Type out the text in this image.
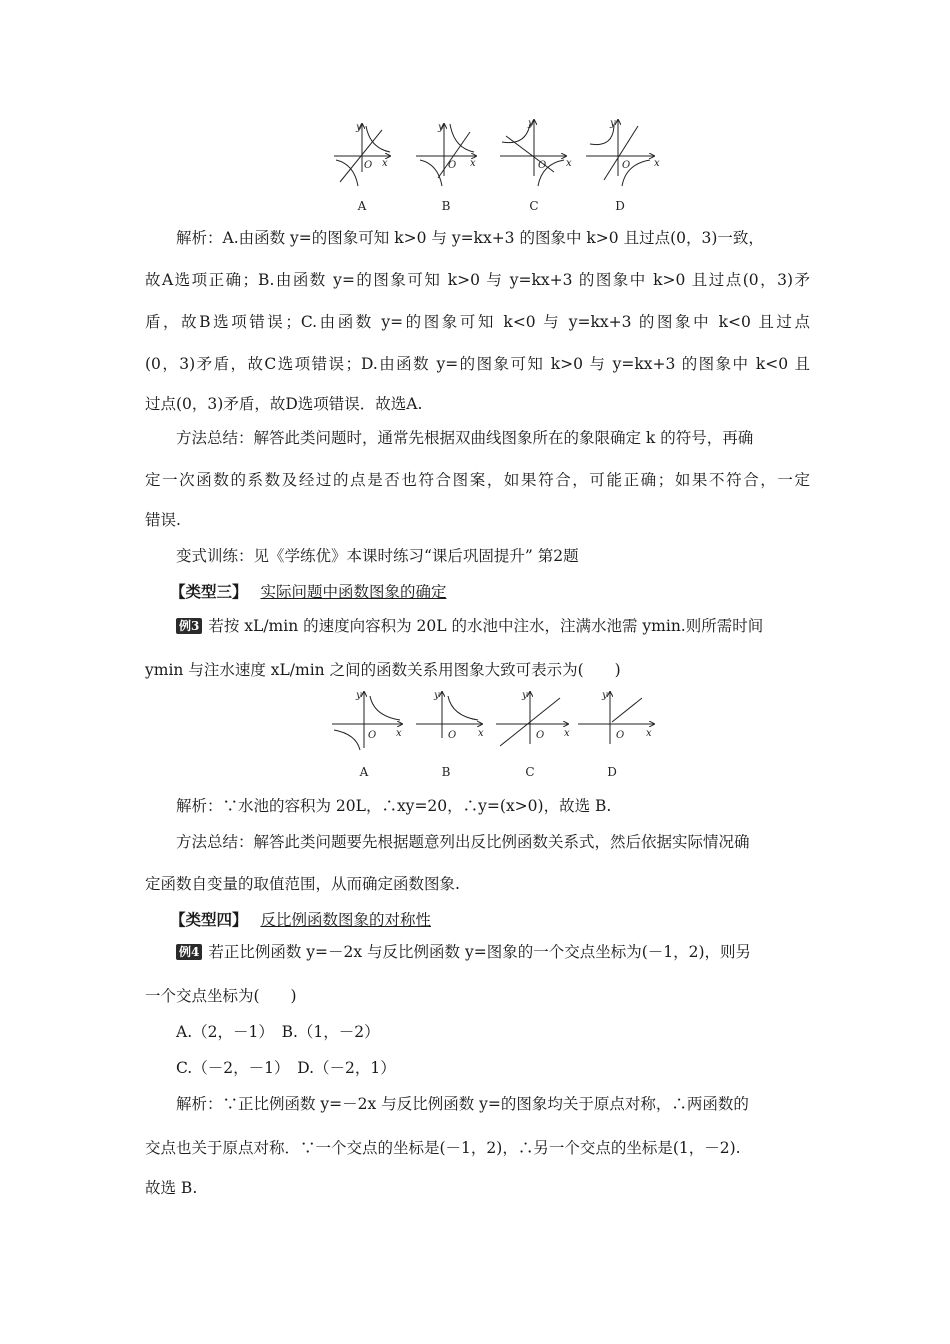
y
x
O
y
x
O
y
x
O
y
x
O
A	B	C	D
解析：A.由函数 y=的图象可知 k>0 与 y=kx+3 的图象中 k>0 且过点(0，3)一致，
故A选项正确；B.由函数 y=的图象可知 k>0 与 y=kx+3 的图象中 k>0 且过点(0，3)矛
盾，故B选项错误；C.由函数 y=的图象可知 k<0 与 y=kx+3 的图象中 k<0 且过点
(0，3)矛盾，故C选项错误；D.由函数 y=的图象可知 k>0 与 y=kx+3 的图象中 k<0 且
过点(0，3)矛盾，故D选项错误．故选A.
方法总结：解答此类问题时，通常先根据双曲线图象所在的象限确定 k 的符号，再确
定一次函数的系数及经过的点是否也符合图案，如果符合，可能正确；如果不符合，一定
错误.
变式训练：见《学练优》本课时练习“课后巩固提升” 第2题
【类型三】 实际问题中函数图象的确定
例3 若按 xL/min 的速度向容积为 20L 的水池中注水，注满水池需 ymin.则所需时间
ymin 与注水速度 xL/min 之间的函数关系用图象大致可表示为(　　)
y
x
O
y
x
O
y
x
O
y
x
O
A	B	C	D
解析：∵水池的容积为 20L，∴xy=20，∴y=(x>0)，故选 B.
方法总结：解答此类问题要先根据题意列出反比例函数关系式，然后依据实际情况确
定函数自变量的取值范围，从而确定函数图象.
【类型四】 反比例函数图象的对称性
例4 若正比例函数 y=－2x 与反比例函数 y=图象的一个交点坐标为(－1，2)，则另
一个交点坐标为(　　)
A.（2，－1）　B.（1，－2）
C.（－2，－1）　D.（－2，1）
解析：∵正比例函数 y=－2x 与反比例函数 y=的图象均关于原点对称，∴两函数的
交点也关于原点对称．∵一个交点的坐标是(－1，2)，∴另一个交点的坐标是(1，－2).
故选 B.
